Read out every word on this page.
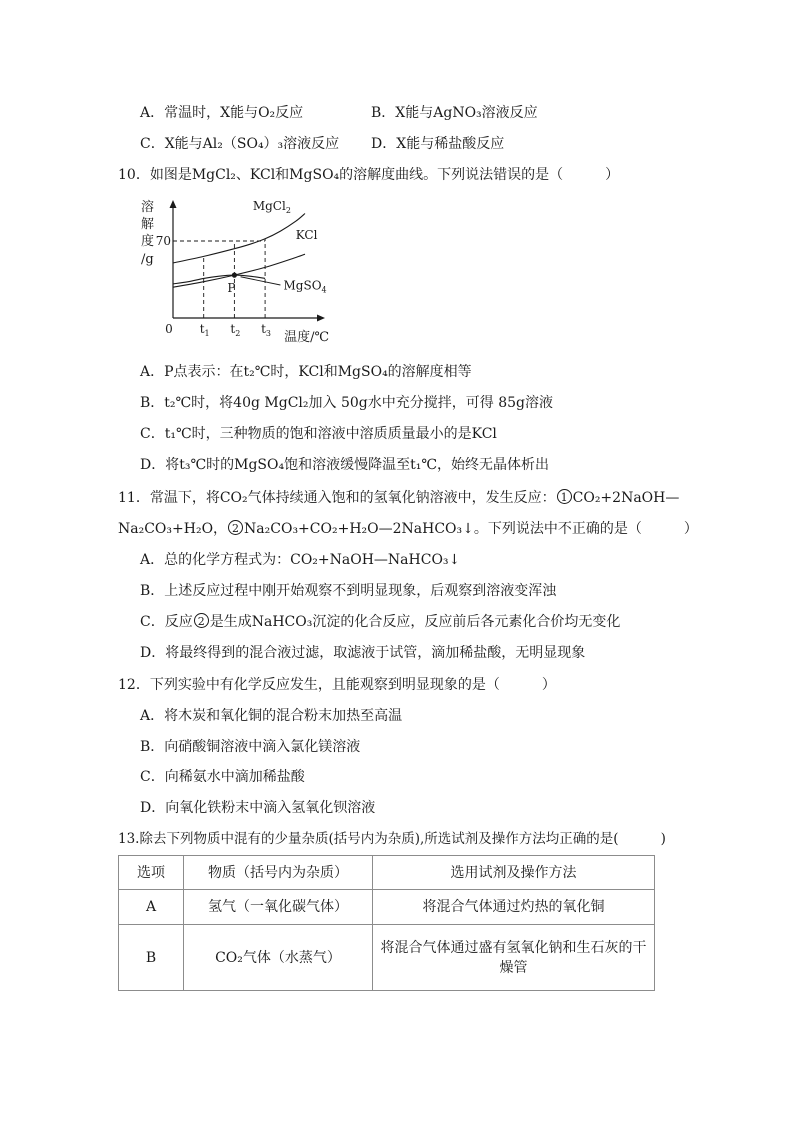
A．常温时，X能与O₂反应	B．X能与AgNO₃溶液反应
C．X能与Al₂（SO₄）₃溶液反应 D．X能与稀盐酸反应
10．如图是MgCl₂、KCl和MgSO₄的溶解度曲线。下列说法错误的是（	）
溶
解
度
/g
0
70
$t_1$ $t_2$ $t_3$ 温度/℃
MgCl$_2$
KCl
MgSO$_4$
P
A．P点表示：在t₂℃时，KCl和MgSO₄的溶解度相等
B．t₂℃时，将40g MgCl₂加入 50g水中充分搅拌，可得 85g溶液
C．t₁℃时，三种物质的饱和溶液中溶质质量最小的是KCl
D．将t₃℃时的MgSO₄饱和溶液缓慢降温至t₁℃，始终无晶体析出
11．常温下，将CO₂气体持续通入饱和的氢氧化钠溶液中，发生反应： 1 CO₂+2NaOH—
Na₂CO₃+H₂O， 2 Na₂CO₃+CO₂+H₂O—2NaHCO₃↓。下列说法中不正确的是（	）
A．总的化学方程式为：CO₂+NaOH—NaHCO₃↓
B．上述反应过程中刚开始观察不到明显现象，后观察到溶液变浑浊
C．反应 2 是生成NaHCO₃沉淀的化合反应，反应前后各元素化合价均无变化
D．将最终得到的混合液过滤，取滤液于试管，滴加稀盐酸，无明显现象
12．下列实验中有化学反应发生，且能观察到明显现象的是（	）
A．将木炭和氧化铜的混合粉末加热至高温
B．向硝酸铜溶液中滴入氯化镁溶液
C．向稀氨水中滴加稀盐酸
D．向氧化铁粉末中滴入氢氧化钡溶液
13.除去下列物质中混有的少量杂质(括号内为杂质),所选试剂及操作方法均正确的是(	)
选项	物质（括号内为杂质）	选用试剂及操作方法
A	氢气（一氧化碳气体）	将混合气体通过灼热的氧化铜
B	CO₂气体（水蒸气）	将混合气体通过盛有氢氧化钠和生石灰的干
燥管
